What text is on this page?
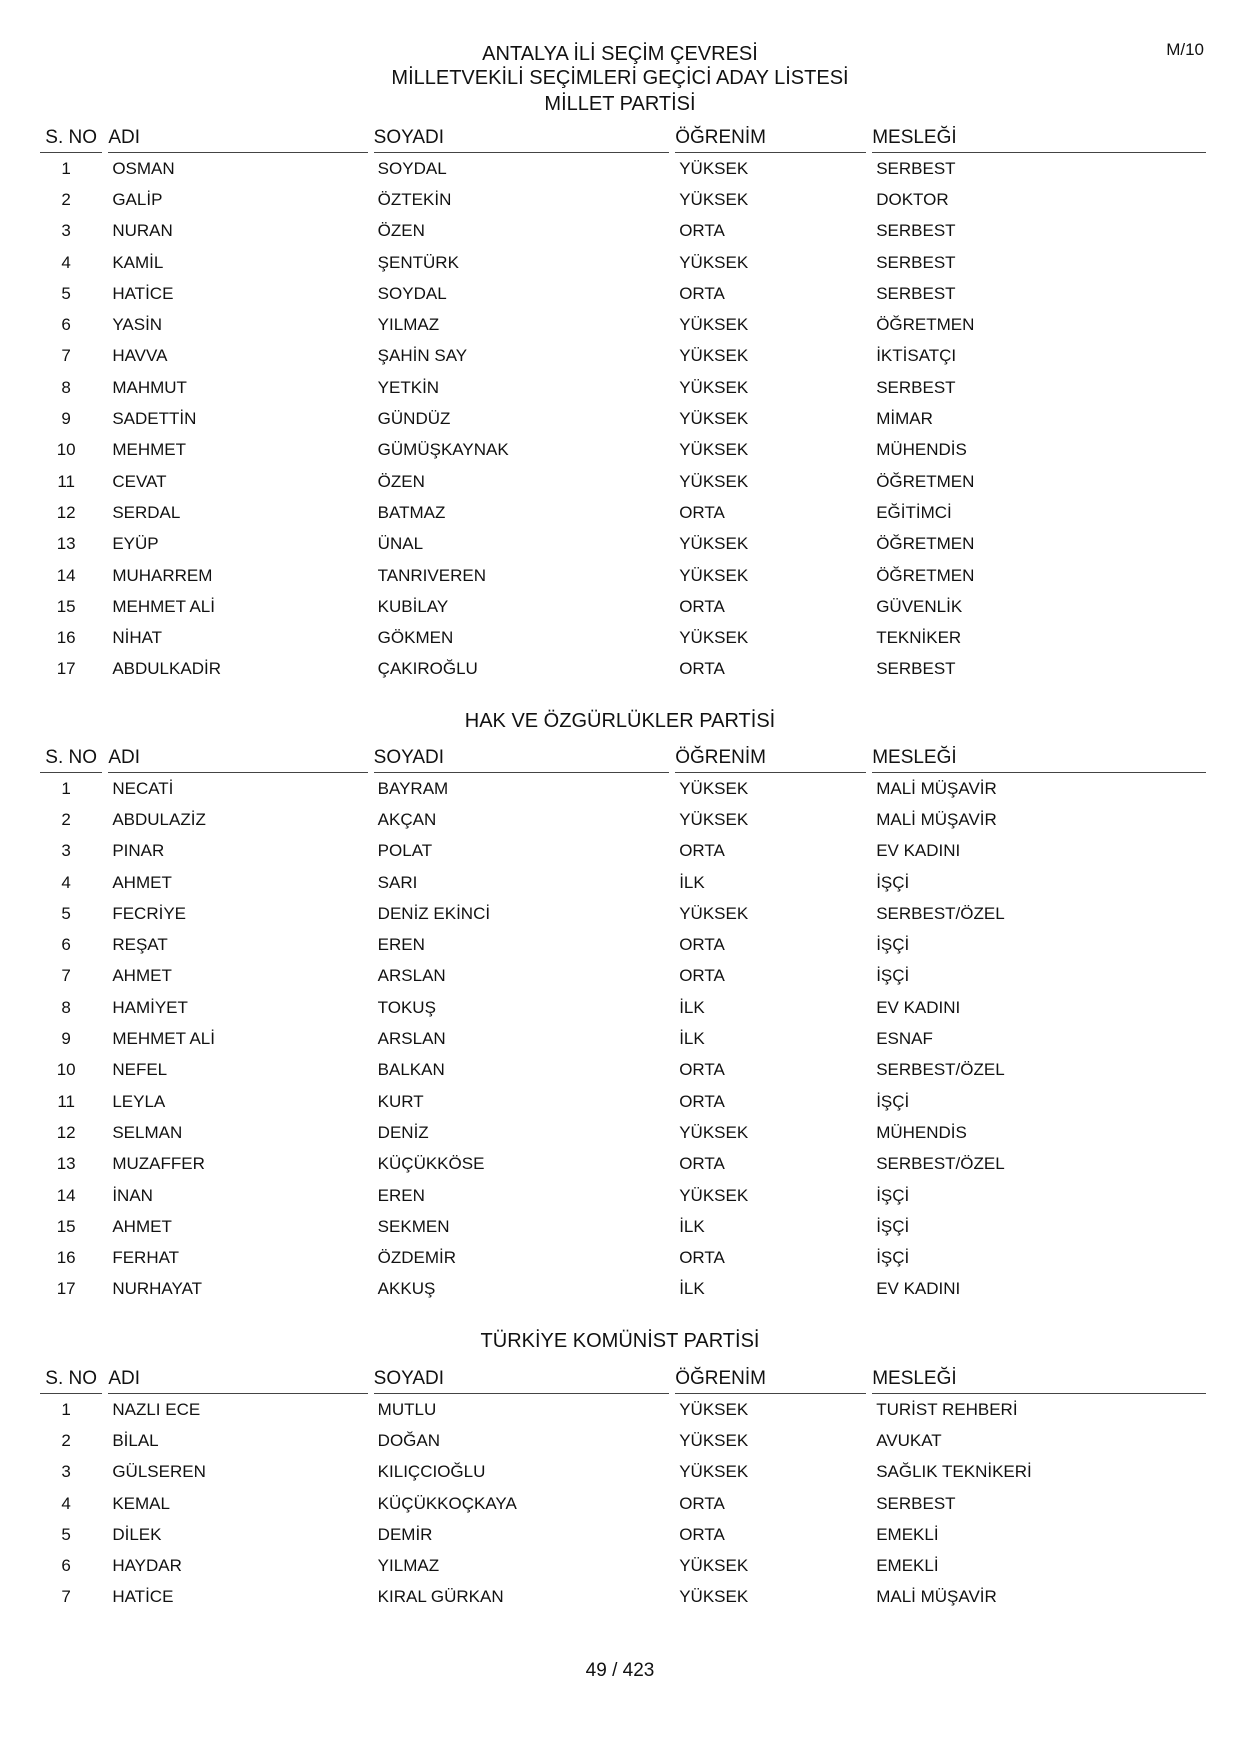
M/10
ANTALYA İLİ SEÇİM ÇEVRESİ
MİLLETVEKİLİ SEÇİMLERİ GEÇİCİ ADAY LİSTESİ
MİLLET PARTİSİ
S. NO		ADI		SOYADI		ÖĞRENİM		MESLEĞİ
1		OSMAN		SOYDAL		YÜKSEK		SERBEST
2		GALİP		ÖZTEKİN		YÜKSEK		DOKTOR
3		NURAN		ÖZEN		ORTA		SERBEST
4		KAMİL		ŞENTÜRK		YÜKSEK		SERBEST
5		HATİCE		SOYDAL		ORTA		SERBEST
6		YASİN		YILMAZ		YÜKSEK		ÖĞRETMEN
7		HAVVA		ŞAHİN SAY		YÜKSEK		İKTİSATÇI
8		MAHMUT		YETKİN		YÜKSEK		SERBEST
9		SADETTİN		GÜNDÜZ		YÜKSEK		MİMAR
10		MEHMET		GÜMÜŞKAYNAK		YÜKSEK		MÜHENDİS
11		CEVAT		ÖZEN		YÜKSEK		ÖĞRETMEN
12		SERDAL		BATMAZ		ORTA		EĞİTİMCİ
13		EYÜP		ÜNAL		YÜKSEK		ÖĞRETMEN
14		MUHARREM		TANRIVEREN		YÜKSEK		ÖĞRETMEN
15		MEHMET ALİ		KUBİLAY		ORTA		GÜVENLİK
16		NİHAT		GÖKMEN		YÜKSEK		TEKNİKER
17		ABDULKADİR		ÇAKIROĞLU		ORTA		SERBEST
HAK VE ÖZGÜRLÜKLER PARTİSİ
S. NO		ADI		SOYADI		ÖĞRENİM		MESLEĞİ
1		NECATİ		BAYRAM		YÜKSEK		MALİ MÜŞAVİR
2		ABDULAZİZ		AKÇAN		YÜKSEK		MALİ MÜŞAVİR
3		PINAR		POLAT		ORTA		EV KADINI
4		AHMET		SARI		İLK		İŞÇİ
5		FECRİYE		DENİZ EKİNCİ		YÜKSEK		SERBEST/ÖZEL
6		REŞAT		EREN		ORTA		İŞÇİ
7		AHMET		ARSLAN		ORTA		İŞÇİ
8		HAMİYET		TOKUŞ		İLK		EV KADINI
9		MEHMET ALİ		ARSLAN		İLK		ESNAF
10		NEFEL		BALKAN		ORTA		SERBEST/ÖZEL
11		LEYLA		KURT		ORTA		İŞÇİ
12		SELMAN		DENİZ		YÜKSEK		MÜHENDİS
13		MUZAFFER		KÜÇÜKKÖSE		ORTA		SERBEST/ÖZEL
14		İNAN		EREN		YÜKSEK		İŞÇİ
15		AHMET		SEKMEN		İLK		İŞÇİ
16		FERHAT		ÖZDEMİR		ORTA		İŞÇİ
17		NURHAYAT		AKKUŞ		İLK		EV KADINI
TÜRKİYE KOMÜNİST PARTİSİ
S. NO		ADI		SOYADI		ÖĞRENİM		MESLEĞİ
1		NAZLI ECE		MUTLU		YÜKSEK		TURİST REHBERİ
2		BİLAL		DOĞAN		YÜKSEK		AVUKAT
3		GÜLSEREN		KILIÇCIOĞLU		YÜKSEK		SAĞLIK TEKNİKERİ
4		KEMAL		KÜÇÜKKOÇKAYA		ORTA		SERBEST
5		DİLEK		DEMİR		ORTA		EMEKLİ
6		HAYDAR		YILMAZ		YÜKSEK		EMEKLİ
7		HATİCE		KIRAL GÜRKAN		YÜKSEK		MALİ MÜŞAVİR
49 / 423
